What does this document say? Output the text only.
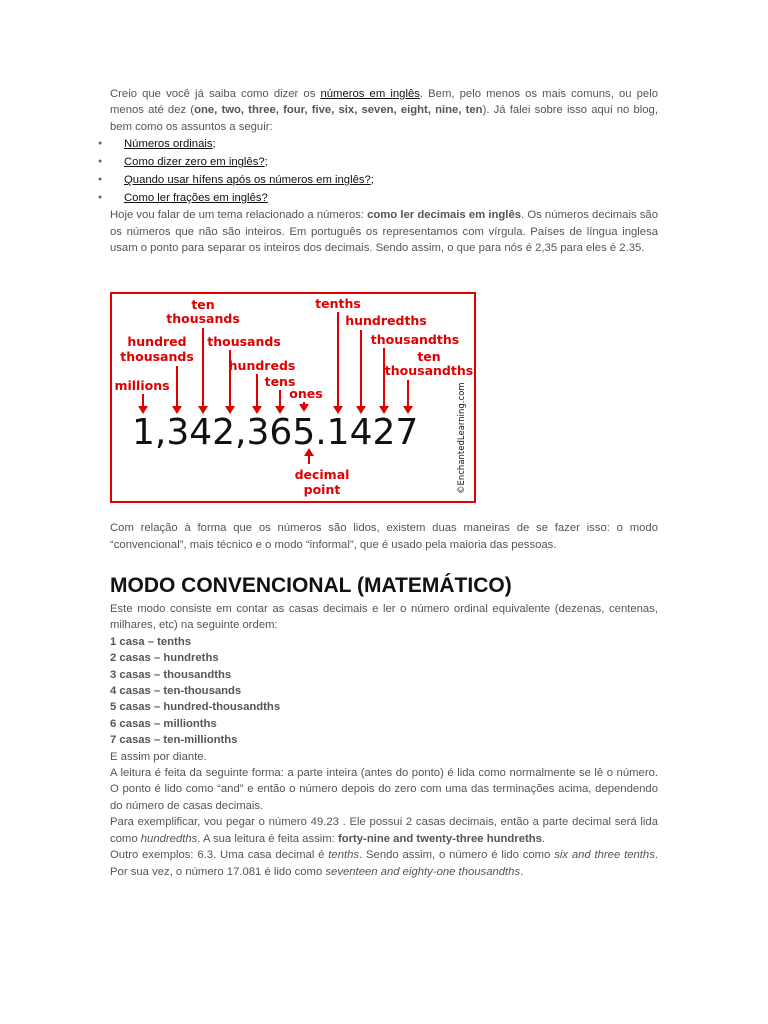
Creio que você já saiba como dizer os números em inglês. Bem, pelo menos os mais comuns, ou pelo menos até dez (one, two, three, four, five, six, seven, eight, nine, ten). Já falei sobre isso aqui no blog, bem como os assuntos a seguir:

● Números ordinais;
● Como dizer zero em inglês?;
● Quando usar hífens após os números em inglês?;
● Como ler frações em inglês?

Hoje vou falar de um tema relacionado a números: como ler decimais em inglês. Os números decimais são os números que não são inteiros. Em português os representamos com vírgula. Países de língua inglesa usam o ponto para separar os inteiros dos decimais. Sendo assim, o que para nós é 2,35 para eles é 2.35.

ten
thousands
hundred
thousands
thousands
millions
hundreds
tens
ones
tenths
hundredths
thousandths
ten
thousandths
decimal
point
1,342,365.1427	©EnchantedLearning.com

Com relação à forma que os números são lidos, existem duas maneiras de se fazer isso: o modo “convencional”, mais técnico e o modo “informal”, que é usado pela maioria das pessoas.

MODO CONVENCIONAL (MATEMÁTICO)

Este modo consiste em contar as casas decimais e ler o número ordinal equivalente (dezenas, centenas, milhares, etc) na seguinte ordem:

1 casa – tenths

2 casas – hundreths

3 casas – thousandths

4 casas – ten-thousands

5 casas – hundred-thousandths

6 casas – millionths

7 casas – ten-millionths

E assim por diante.

A leitura é feita da seguinte forma: a parte inteira (antes do ponto) é lida como normalmente se lê o número. O ponto é lido como “and” e então o número depois do zero com uma das terminações acima, dependendo do número de casas decimais.

Para exemplificar, vou pegar o número 49.23 . Ele possui 2 casas decimais, então a parte decimal será lida como hundredths. A sua leitura é feita assim: forty-nine and twenty-three hundreths.

Outro exemplos: 6.3. Uma casa decimal é tenths. Sendo assim, o número é lido como six and three tenths. Por sua vez, o número 17.081 é lido como seventeen and eighty-one thousandths.
